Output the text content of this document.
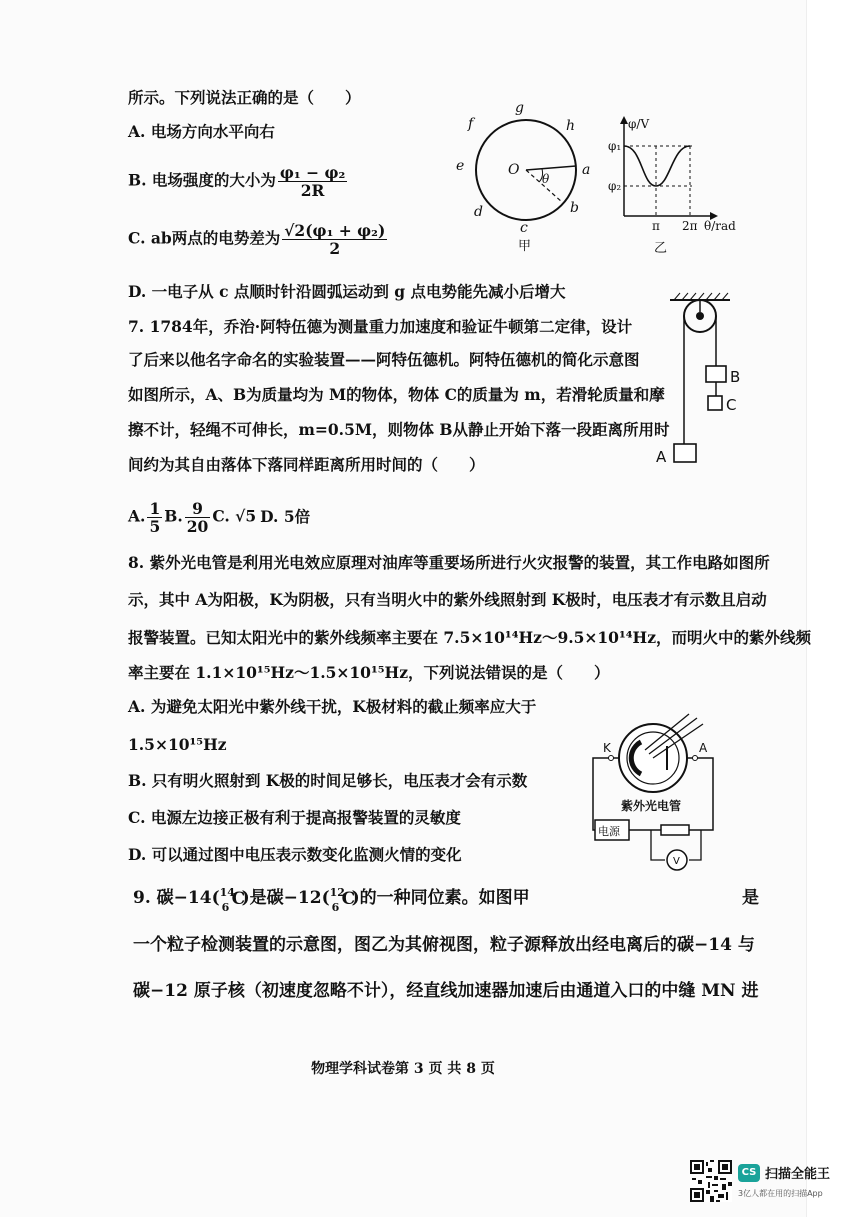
所示。下列说法正确的是（　　）
A. 电场方向水平向右
B. 电场强度的大小为 $\frac{\text{φ₁ − φ₂}}{2R}$
C. ab两点的电势差为 $\frac{\text{√2(φ₁ + φ₂)}}{2}$
D. 一电子从 c 点顺时针沿圆弧运动到 g 点电势能先减小后增大
g
h
f
e	a
d	b
c
O
θ
甲
φ/V
φ₁
φ₂
π 2π θ/rad
乙
7. 1784年，乔治·阿特伍德为测量重力加速度和验证牛顿第二定律，设计
了后来以他名字命名的实验装置——阿特伍德机。阿特伍德机的简化示意图
如图所示，A、B为质量均为 M的物体，物体 C的质量为 m，若滑轮质量和摩
擦不计，轻绳不可伸长，m=0.5M，则物体 B从静止开始下落一段距离所用时
间约为其自由落体下落同样距离所用时间的（　　）
A. $\frac{1}{5} B$. $\frac{9}{20} C$. √5 D. 5倍
A
B
C
8. 紫外光电管是利用光电效应原理对油库等重要场所进行火灾报警的装置，其工作电路如图所
示，其中 A为阳极，K为阴极，只有当明火中的紫外线照射到 K极时，电压表才有示数且启动
报警装置。已知太阳光中的紫外线频率主要在 7.5×10¹⁴Hz～9.5×10¹⁴Hz，而明火中的紫外线频
率主要在 1.1×10¹⁵Hz～1.5×10¹⁵Hz，下列说法错误的是（　　）
A. 为避免太阳光中紫外线干扰，K极材料的截止频率应大于
1.5×10¹⁵Hz
B. 只有明火照射到 K极的时间足够长，电压表才会有示数
C. 电源左边接正极有利于提高报警装置的灵敏度
D. 可以通过图中电压表示数变化监测火情的变化
K	A
紫外光电管
电源
V
9. 碳−14( 14
6 C
)是碳−12( 12
6 C
)的一种同位素。如图甲	是
一个粒子检测装置的示意图，图乙为其俯视图，粒子源释放出经电离后的碳−14 与
碳−12 原子核（初速度忽略不计），经直线加速器加速后由通道入口的中缝 MN 进
物理学科试卷第 3 页 共 8 页
CS 扫描全能王
3亿人都在用的扫描App
